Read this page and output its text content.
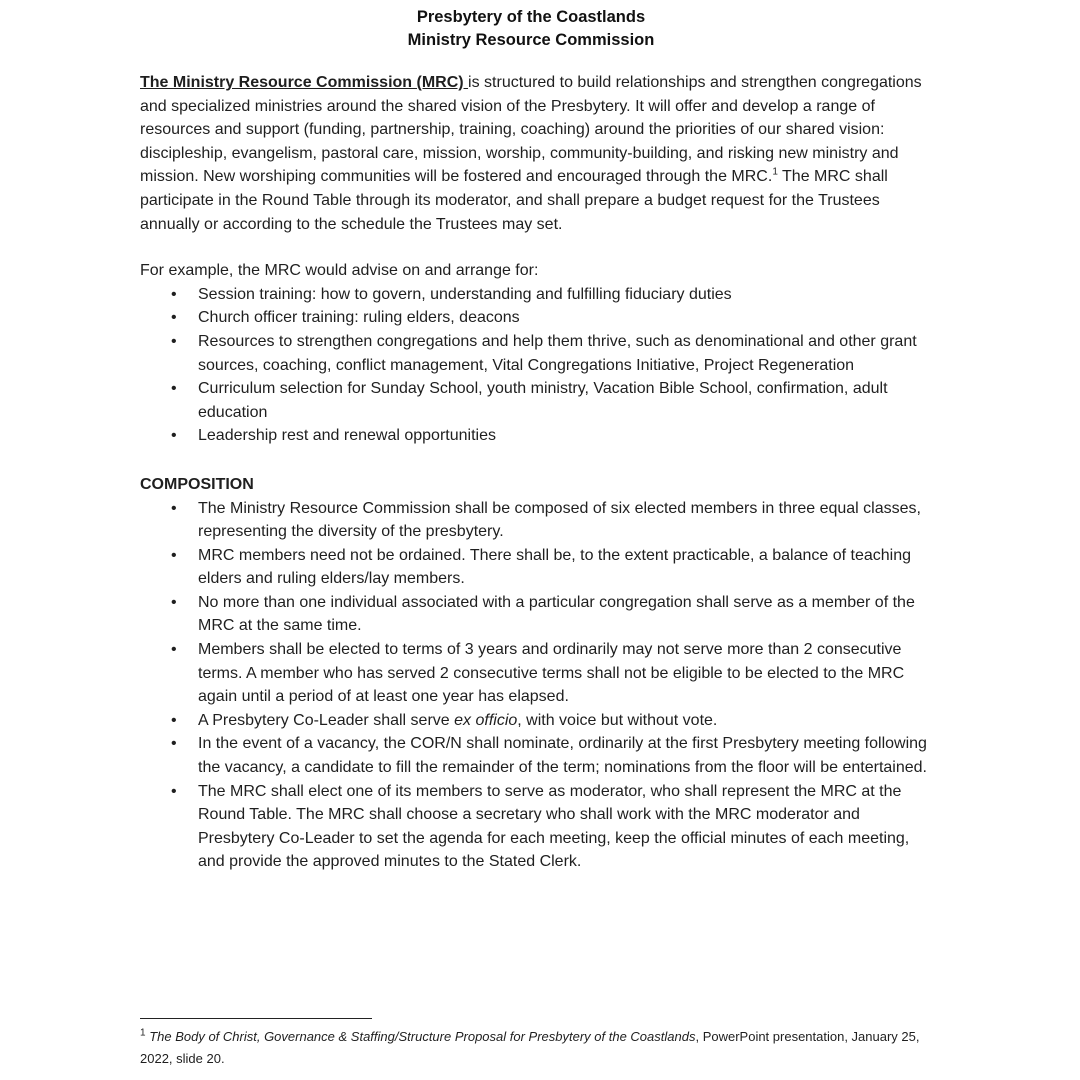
Presbytery of the Coastlands
Ministry Resource Commission

The Ministry Resource Commission (MRC) is structured to build relationships and strengthen congregations and specialized ministries around the shared vision of the Presbytery. It will offer and develop a range of resources and support (funding, partnership, training, coaching) around the priorities of our shared vision: discipleship, evangelism, pastoral care, mission, worship, community-building, and risking new ministry and mission. New worshiping communities will be fostered and encouraged through the MRC.$^1$ The MRC shall participate in the Round Table through its moderator, and shall prepare a budget request for the Trustees annually or according to the schedule the Trustees may set.

For example, the MRC would advise on and arrange for:

• Session training: how to govern, understanding and fulfilling fiduciary duties
• Church officer training: ruling elders, deacons
• Resources to strengthen congregations and help them thrive, such as denominational and other grant sources, coaching, conflict management, Vital Congregations Initiative, Project Regeneration
• Curriculum selection for Sunday School, youth ministry, Vacation Bible School, confirmation, adult education
• Leadership rest and renewal opportunities

COMPOSITION

• The Ministry Resource Commission shall be composed of six elected members in three equal classes, representing the diversity of the presbytery.
• MRC members need not be ordained. There shall be, to the extent practicable, a balance of teaching elders and ruling elders/lay members.
• No more than one individual associated with a particular congregation shall serve as a member of the MRC at the same time.
• Members shall be elected to terms of 3 years and ordinarily may not serve more than 2 consecutive terms. A member who has served 2 consecutive terms shall not be eligible to be elected to the MRC again until a period of at least one year has elapsed.
• A Presbytery Co-Leader shall serve ex officio, with voice but without vote.
• In the event of a vacancy, the COR/N shall nominate, ordinarily at the first Presbytery meeting following the vacancy, a candidate to fill the remainder of the term; nominations from the floor will be entertained.
• The MRC shall elect one of its members to serve as moderator, who shall represent the MRC at the Round Table. The MRC shall choose a secretary who shall work with the MRC moderator and Presbytery Co-Leader to set the agenda for each meeting, keep the official minutes of each meeting, and provide the approved minutes to the Stated Clerk.
$^1$ The Body of Christ, Governance & Staffing/Structure Proposal for Presbytery of the Coastlands, PowerPoint presentation, January 25, 2022, slide 20.
